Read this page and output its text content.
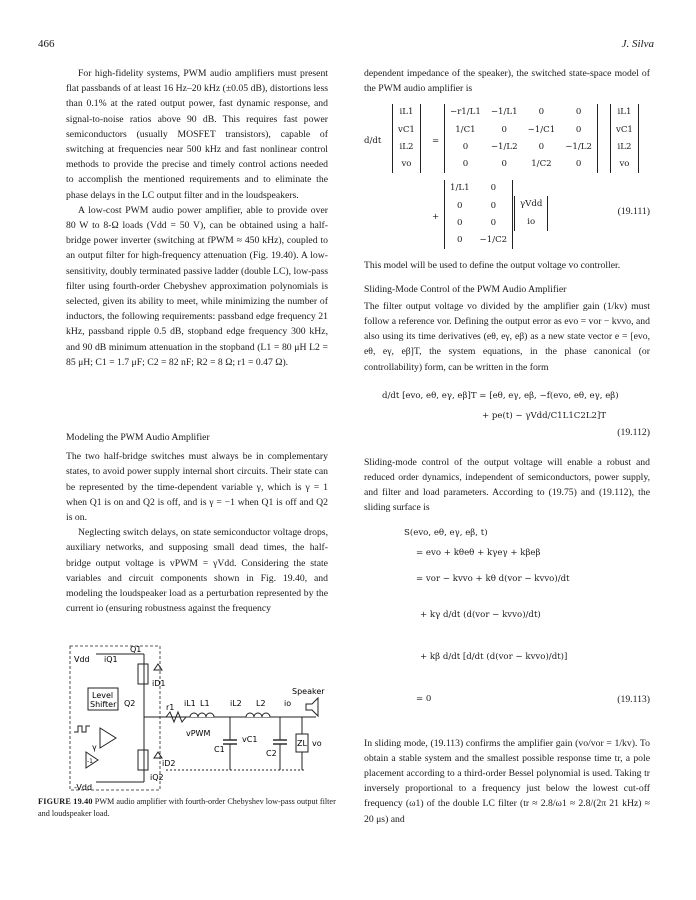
466	J. Silva

For high-fidelity systems, PWM audio amplifiers must present flat passbands of at least 16 Hz–20 kHz (±0.05 dB), distortions less than 0.1% at the rated output power, fast dynamic response, and signal-to-noise ratios above 90 dB. This requires fast power semiconductors (usually MOSFET transistors), capable of switching at frequencies near 500 kHz and fast nonlinear control methods to provide the precise and timely control actions needed to accomplish the mentioned requirements and to eliminate the phase delays in the LC output filter and in the loudspeakers.

A low-cost PWM audio power amplifier, able to provide over 80 W to 8-Ω loads (Vdd = 50 V), can be obtained using a half-bridge power inverter (switching at fPWM ≈ 450 kHz), coupled to an output filter for high-frequency attenuation (Fig. 19.40). A low-sensitivity, doubly terminated passive ladder (double LC), low-pass filter using fourth-order Chebyshev approximation polynomials is selected, given its ability to meet, while minimizing the number of inductors, the following requirements: passband edge frequency 21 kHz, passband ripple 0.5 dB, stopband edge frequency 300 kHz, and 90 dB minimum attenuation in the stopband (L1 = 80 μH L2 = 85 μH; C1 = 1.7 μF; C2 = 82 nF; R2 = 8 Ω; r1 = 0.47 Ω).

Modeling the PWM Audio Amplifier

The two half-bridge switches must always be in complementary states, to avoid power supply internal short circuits. Their state can be represented by the time-dependent variable γ, which is γ = 1 when Q1 is on and Q2 is off, and is γ = −1 when Q1 is off and Q2 is on.

Neglecting switch delays, on state semiconductor voltage drops, auxiliary networks, and supposing small dead times, the half-bridge output voltage is vPWM = γVdd. Considering the state variables and circuit components shown in Fig. 19.40, and modeling the loudspeaker load as a perturbation represented by the current io (ensuring robustness against the frequency

Vdd iQ1
Q1
iD1
iL1 L1	iL2 L2 io
Speaker
Level
Shifter Q2	r1
vPWM
C1
vC1
C2
ZL vo
iD2
iQ2
-Vdd
γ
-1
FIGURE 19.40 PWM audio amplifier with fourth-order Chebyshev low-pass output filter and loudspeaker load.

dependent impedance of the speaker), the switched state-space model of the PWM audio amplifier is

d/dt
iL1
vC1
iL2
vo
=
−r1/L1	−1/L1	0	0
1/C1	0	−1/C1	0
0	−1/L2	0	−1/L2
0	0	1/C2	0
iL1
vC1
iL2
vo
+
1/L1	0
0	0
0	0
0	−1/C2
γVdd
io
(19.111)

This model will be used to define the output voltage vo controller.

Sliding-Mode Control of the PWM Audio Amplifier

The filter output voltage vo divided by the amplifier gain (1/kv) must follow a reference vor. Defining the output error as evo = vor − kvvo, and also using its time derivatives (eθ, eγ, eβ) as a new state vector e = [evo, eθ, eγ, eβ]T, the system equations, in the phase canonical (or controllability) form, can be written in the form

d/dt [evo, eθ, eγ, eβ]T = [eθ, eγ, eβ, −f(evo, eθ, eγ, eβ)
+ pe(t) − γVdd/C1L1C2L2]T
(19.112)

Sliding-mode control of the output voltage will enable a robust and reduced order dynamics, independent of semiconductors, power supply, and filter and load parameters. According to (19.75) and (19.112), the sliding surface is

S(evo, eθ, eγ, eβ, t)
= evo + kθeθ + kγeγ + kβeβ
= vor − kvvo + kθ d(vor − kvvo)/dt
+ kγ d/dt (d(vor − kvvo)/dt)
+ kβ d/dt [d/dt (d(vor − kvvo)/dt)]
= 0	(19.113)

In sliding mode, (19.113) confirms the amplifier gain (vo/vor = 1/kv). To obtain a stable system and the smallest possible response time tr, a pole placement according to a third-order Bessel polynomial is used. Taking tr inversely proportional to a frequency just below the lowest cut-off frequency (ω1) of the double LC filter (tr ≈ 2.8/ω1 ≈ 2.8/(2π 21 kHz) ≈ 20 μs) and
